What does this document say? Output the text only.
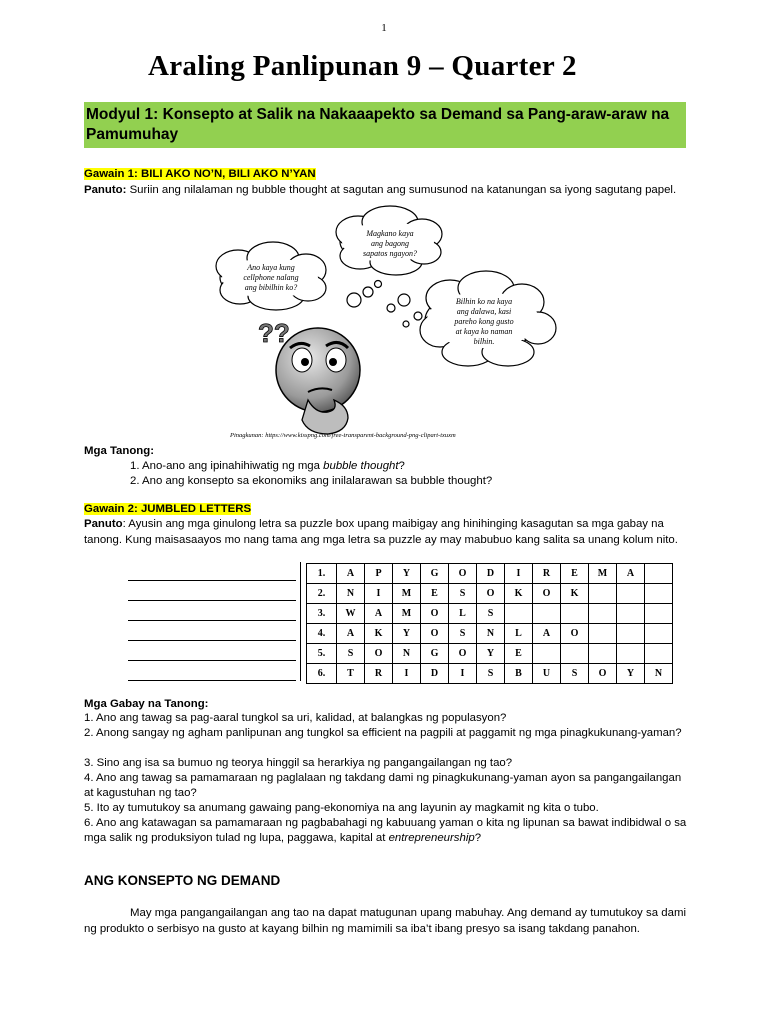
1
Araling Panlipunan 9 – Quarter 2
Modyul 1: Konsepto at Salik na Nakaaapekto sa Demand sa Pang-araw-araw na Pamumuhay
Gawain 1: BILI AKO NO’N, BILI AKO N’YAN
Panuto: Suriin ang nilalaman ng bubble thought at sagutan ang sumusunod na katanungan sa iyong sagutang papel.
Ano kaya kung
cellphone nalang
ang bibilhin ko?
Magkano kaya
ang bagong
sapatos ngayon?
Bilhin ko na kaya
ang dalawa, kasi
pareho kong gusto
at kaya ko naman
bilhin.
??
Pinagkunan: https://www.kisspng.com/free-transparent-background-png-clipart-txuxm
Mga Tanong:
1. Ano-ano ang ipinahihiwatig ng mga bubble thought?
2. Ano ang konsepto sa ekonomiks ang inilalarawan sa bubble thought?
Gawain 2: JUMBLED LETTERS
Panuto: Ayusin ang mga ginulong letra sa puzzle box upang maibigay ang hinihinging kasagutan sa mga gabay na tanong. Kung maisasaayos mo nang tama ang mga letra sa puzzle ay may mabubuo kang salita sa unang kolum nito.
1.	A	P	Y	G	O	D	I	R	E	M	A	
2.	N	I	M	E	S	O	K	O	K			
3.	W	A	M	O	L	S						
4.	A	K	Y	O	S	N	L	A	O			
5.	S	O	N	G	O	Y	E					
6.	T	R	I	D	I	S	B	U	S	O	Y	N
Mga Gabay na Tanong:
1. Ano ang tawag sa pag-aaral tungkol sa uri, kalidad, at balangkas ng populasyon?
2. Anong sangay ng agham panlipunan ang tungkol sa efficient na pagpili at paggamit ng mga pinagkukunang-yaman?
3. Sino ang isa sa bumuo ng teorya hinggil sa herarkiya ng pangangailangan ng tao?
4. Ano ang tawag sa pamamaraan ng paglalaan ng takdang dami ng pinagkukunang-yaman ayon sa pangangailangan at kagustuhan ng tao?
5. Ito ay tumutukoy sa anumang gawaing pang-ekonomiya na ang layunin ay magkamit ng kita o tubo.
6. Ano ang katawagan sa pamamaraan ng pagbabahagi ng kabuuang yaman o kita ng lipunan sa bawat indibidwal o sa mga salik ng produksiyon tulad ng lupa, paggawa, kapital at entrepreneurship?
ANG KONSEPTO NG DEMAND
May mga pangangailangan ang tao na dapat matugunan upang mabuhay. Ang demand ay tumutukoy sa dami ng produkto o serbisyo na gusto at kayang bilhin ng mamimili sa iba’t ibang presyo sa isang takdang panahon.
